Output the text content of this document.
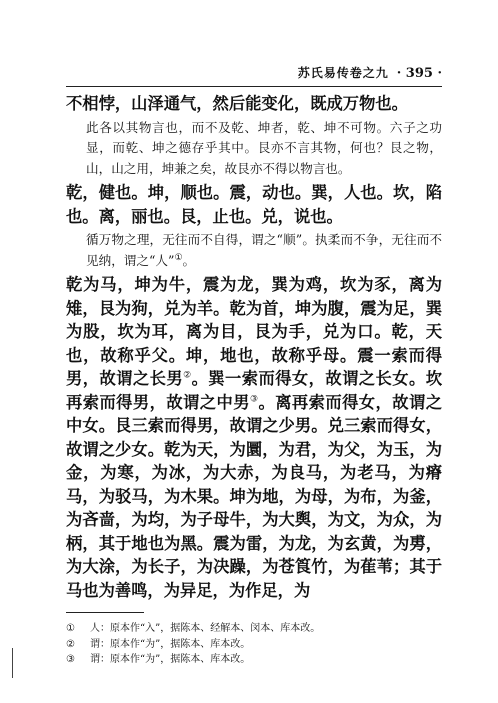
苏氏易传卷之九 · 395 ·

不相悖，山泽通气，然后能变化，既成万物也。

此各以其物言也，而不及乾、坤者，乾、坤不可物。六子之功显，而乾、坤之德存乎其中。艮亦不言其物，何也？艮之物，山，山之用，坤兼之矣，故艮亦不得以物言也。

乾，健也。坤，顺也。震，动也。巽，人也。坎，陷也。离，丽也。艮，止也。兑，说也。

循万物之理，无往而不自得，谓之“顺”。执柔而不争，无往而不见纳，谓之“人”①。

乾为马，坤为牛，震为龙，巽为鸡，坎为豕，离为雉，艮为狗，兑为羊。乾为首，坤为腹，震为足，巽为股，坎为耳，离为目，艮为手，兑为口。乾，天也，故称乎父。坤，地也，故称乎母。震一索而得男，故谓之长男②。巽一索而得女，故谓之长女。坎再索而得男，故谓之中男③。离再索而得女，故谓之中女。艮三索而得男，故谓之少男。兑三索而得女，故谓之少女。乾为天，为圜，为君，为父，为玉，为金，为寒，为冰，为大赤，为良马，为老马，为瘠马，为驳马，为木果。坤为地，为母，为布，为釜，为吝啬，为均，为子母牛，为大舆，为文，为众，为柄，其于地也为黑。震为雷，为龙，为玄黄，为旉，为大涂，为长子，为决躁，为苍筤竹，为萑苇；其于马也为善鸣，为异足，为作足，为

① 人：原本作“入”，据陈本、经解本、闵本、库本改。
② 谓：原本作“为”，据陈本、库本改。
③ 谓：原本作“为”，据陈本、库本改。
